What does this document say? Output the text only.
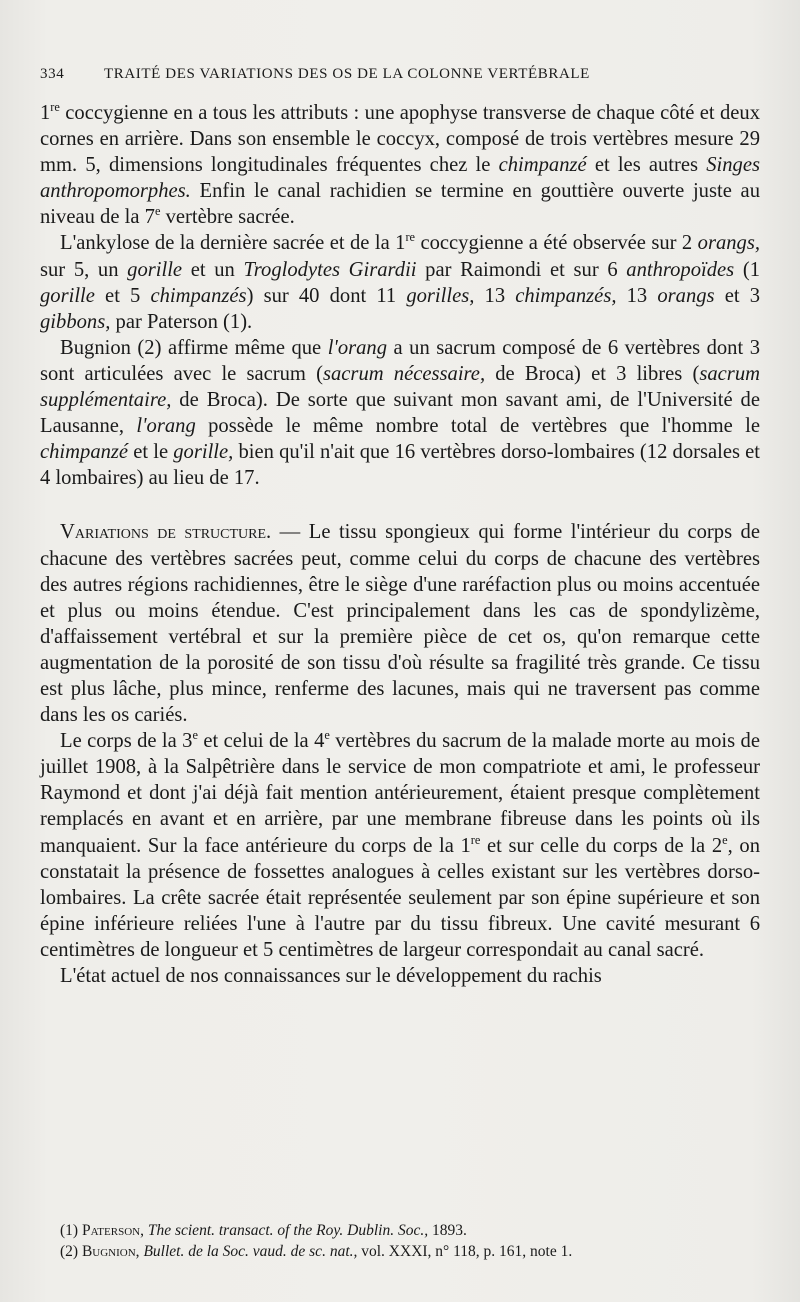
334	TRAITÉ DES VARIATIONS DES OS DE LA COLONNE VERTÉBRALE

1re coccygienne en a tous les attributs : une apophyse transverse de chaque côté et deux cornes en arrière. Dans son ensemble le coccyx, composé de trois vertèbres mesure 29 mm. 5, dimensions longitudinales fréquentes chez le chimpanzé et les autres Singes anthropomorphes. Enfin le canal rachidien se termine en gouttière ouverte juste au niveau de la 7e vertèbre sacrée.

L'ankylose de la dernière sacrée et de la 1re coccygienne a été observée sur 2 orangs, sur 5, un gorille et un Troglodytes Girardii par Raimondi et sur 6 anthropoïdes (1 gorille et 5 chimpanzés) sur 40 dont 11 gorilles, 13 chimpanzés, 13 orangs et 3 gibbons, par Paterson (1).

Bugnion (2) affirme même que l'orang a un sacrum composé de 6 vertèbres dont 3 sont articulées avec le sacrum (sacrum nécessaire, de Broca) et 3 libres (sacrum supplémentaire, de Broca). De sorte que suivant mon savant ami, de l'Université de Lausanne, l'orang possède le même nombre total de vertèbres que l'homme le chimpanzé et le gorille, bien qu'il n'ait que 16 vertèbres dorso-lombaires (12 dorsales et 4 lombaires) au lieu de 17.

Variations de structure. — Le tissu spongieux qui forme l'intérieur du corps de chacune des vertèbres sacrées peut, comme celui du corps de chacune des vertèbres des autres régions rachidiennes, être le siège d'une raréfaction plus ou moins accentuée et plus ou moins étendue. C'est principalement dans les cas de spondylizème, d'affaissement vertébral et sur la première pièce de cet os, qu'on remarque cette augmentation de la porosité de son tissu d'où résulte sa fragilité très grande. Ce tissu est plus lâche, plus mince, renferme des lacunes, mais qui ne traversent pas comme dans les os cariés.

Le corps de la 3e et celui de la 4e vertèbres du sacrum de la malade morte au mois de juillet 1908, à la Salpêtrière dans le service de mon compatriote et ami, le professeur Raymond et dont j'ai déjà fait mention antérieurement, étaient presque complètement remplacés en avant et en arrière, par une membrane fibreuse dans les points où ils manquaient. Sur la face antérieure du corps de la 1re et sur celle du corps de la 2e, on constatait la présence de fossettes analogues à celles existant sur les vertèbres dorso-lombaires. La crête sacrée était représentée seulement par son épine supérieure et son épine inférieure reliées l'une à l'autre par du tissu fibreux. Une cavité mesurant 6 centimètres de longueur et 5 centimètres de largeur correspondait au canal sacré.

L'état actuel de nos connaissances sur le développement du rachis

(1) Paterson, The scient. transact. of the Roy. Dublin. Soc., 1893.
(2) Bugnion, Bullet. de la Soc. vaud. de sc. nat., vol. XXXI, n° 118, p. 161, note 1.
